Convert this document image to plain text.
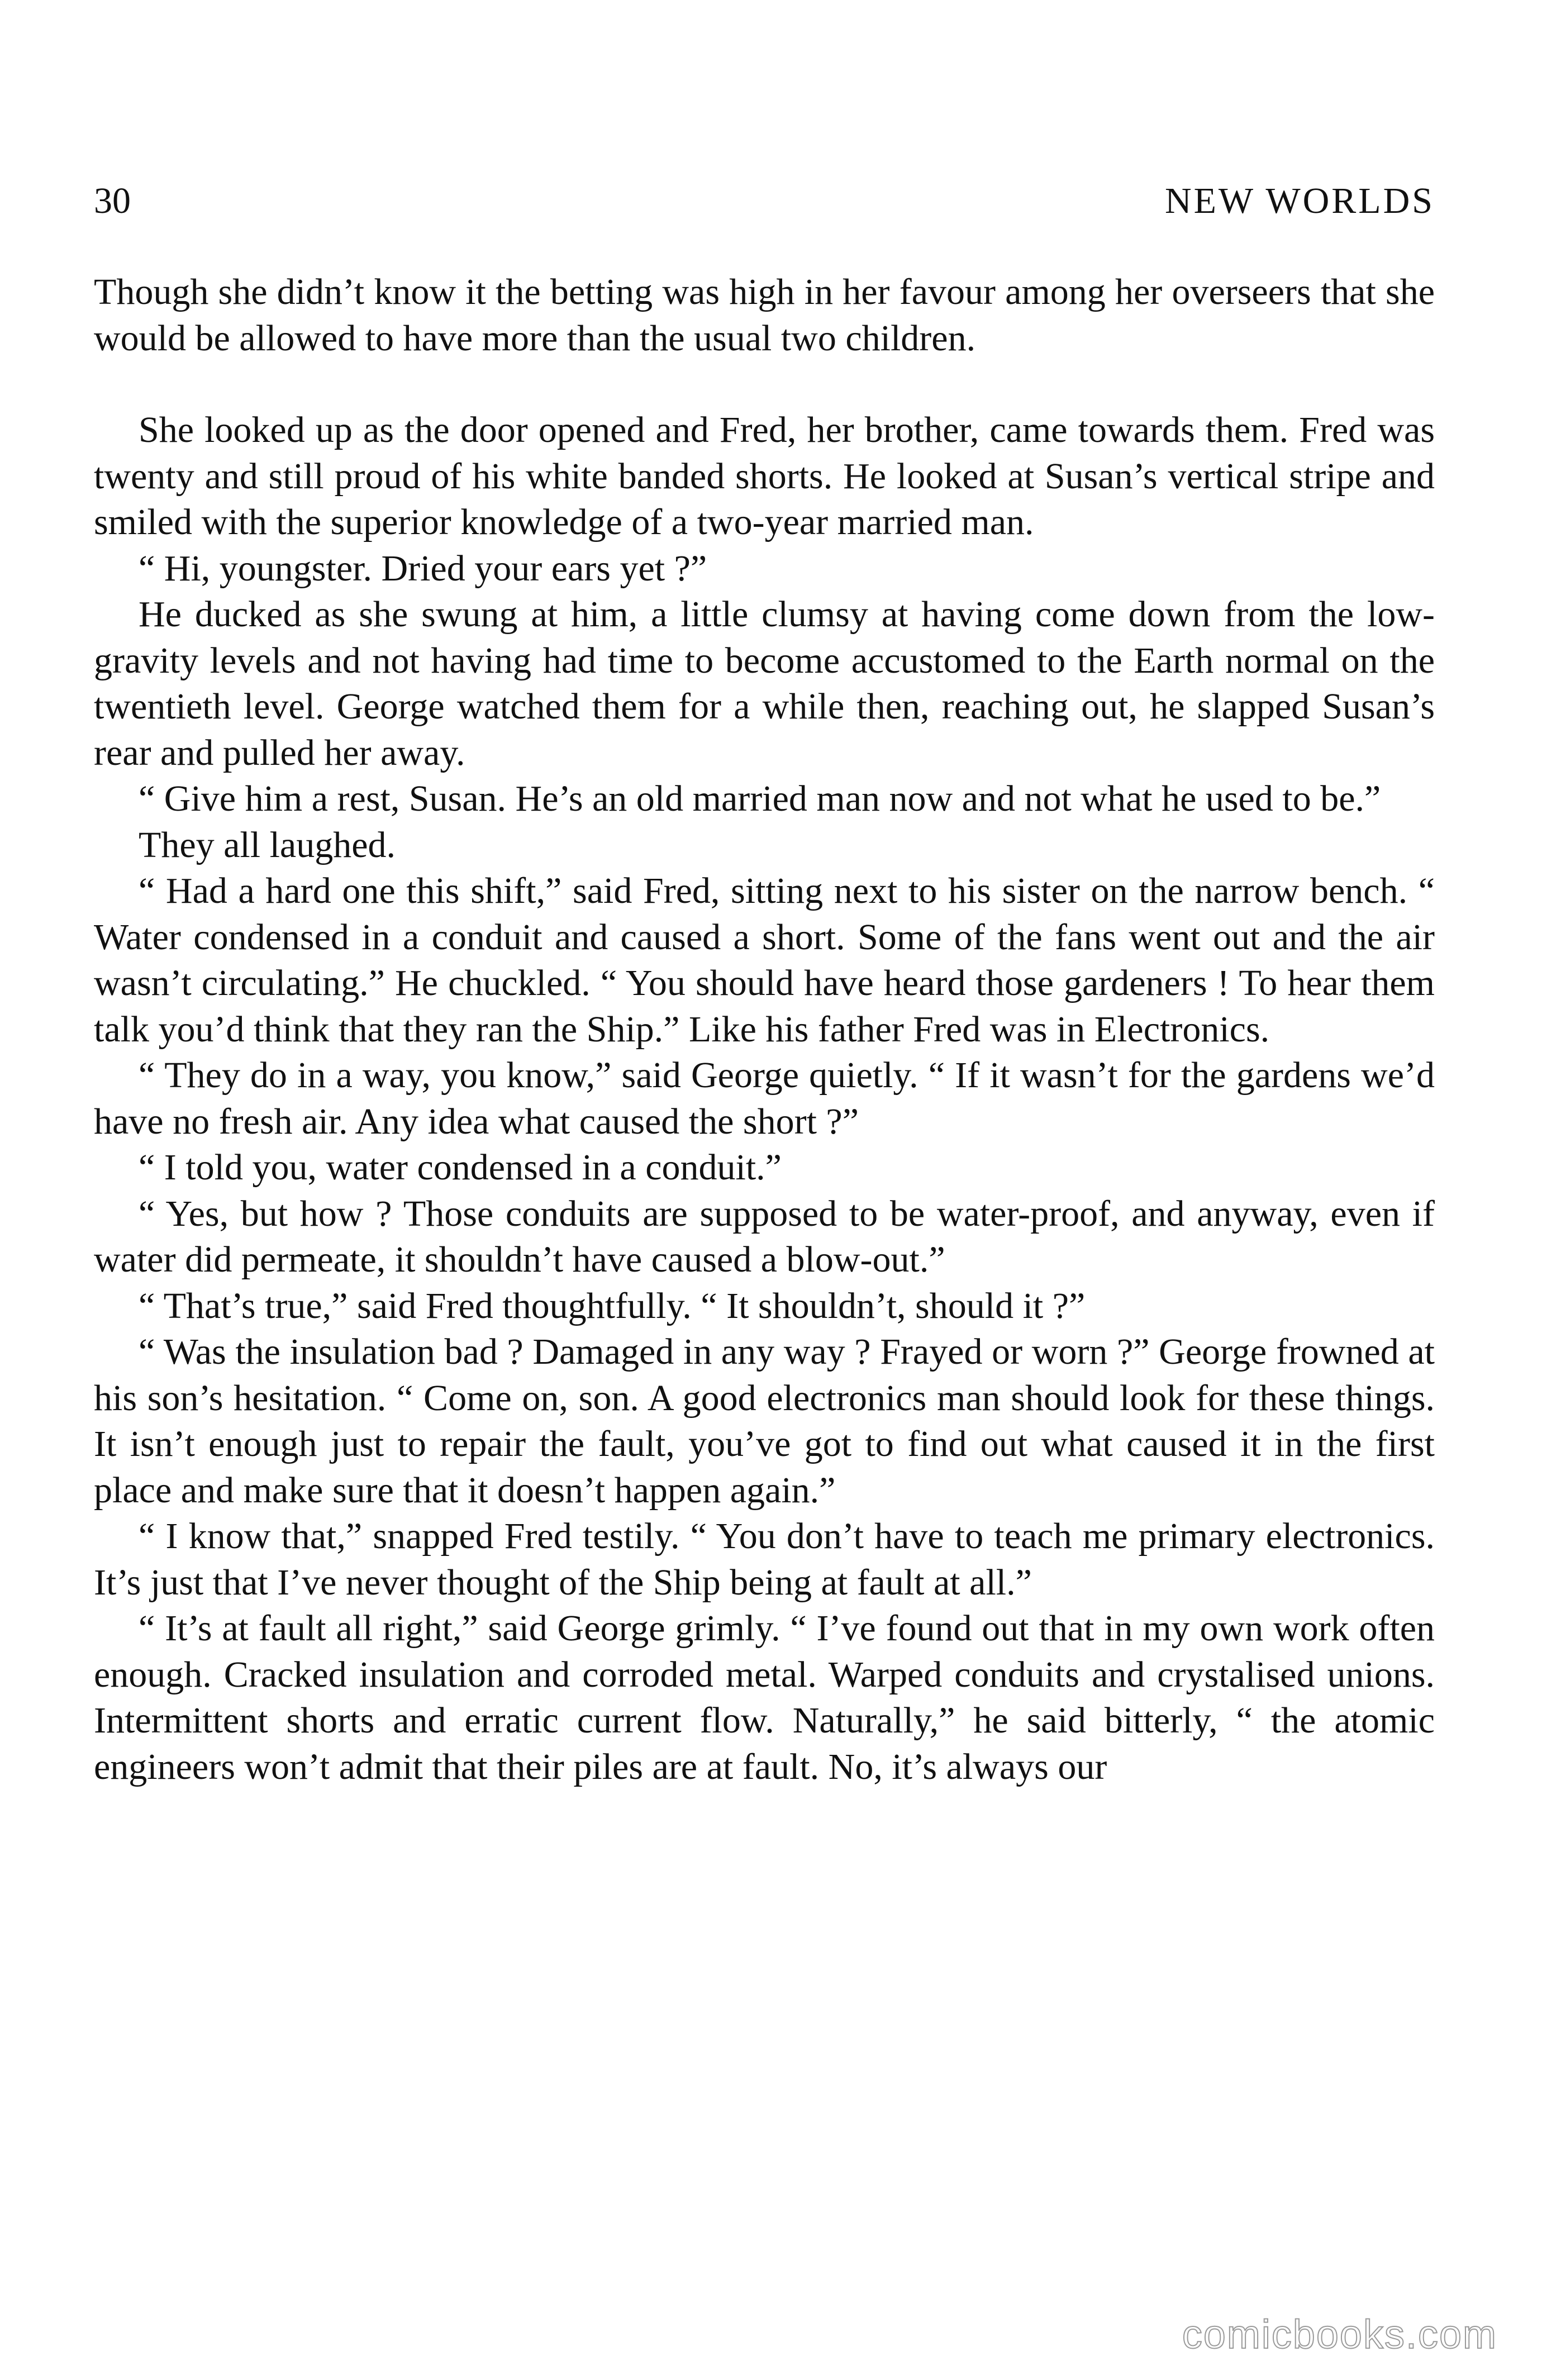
30	NEW WORLDS

Though she didn’t know it the betting was high in her favour among her overseers that she would be allowed to have more than the usual two children.

She looked up as the door opened and Fred, her brother, came towards them. Fred was twenty and still proud of his white banded shorts. He looked at Susan’s vertical stripe and smiled with the superior knowledge of a two-year married man.

“ Hi, youngster. Dried your ears yet ?”

He ducked as she swung at him, a little clumsy at having come down from the low-gravity levels and not having had time to become accustomed to the Earth normal on the twentieth level. George watched them for a while then, reaching out, he slapped Susan’s rear and pulled her away.

“ Give him a rest, Susan. He’s an old married man now and not what he used to be.”

They all laughed.

“ Had a hard one this shift,” said Fred, sitting next to his sister on the narrow bench. “ Water condensed in a conduit and caused a short. Some of the fans went out and the air wasn’t circulating.” He chuckled. “ You should have heard those gardeners ! To hear them talk you’d think that they ran the Ship.” Like his father Fred was in Electronics.

“ They do in a way, you know,” said George quietly. “ If it wasn’t for the gardens we’d have no fresh air. Any idea what caused the short ?”

“ I told you, water condensed in a conduit.”

“ Yes, but how ? Those conduits are supposed to be water-proof, and anyway, even if water did permeate, it shouldn’t have caused a blow-out.”

“ That’s true,” said Fred thoughtfully. “ It shouldn’t, should it ?”

“ Was the insulation bad ? Damaged in any way ? Frayed or worn ?” George frowned at his son’s hesitation. “ Come on, son. A good electronics man should look for these things. It isn’t enough just to repair the fault, you’ve got to find out what caused it in the first place and make sure that it doesn’t happen again.”

“ I know that,” snapped Fred testily. “ You don’t have to teach me primary electronics. It’s just that I’ve never thought of the Ship being at fault at all.”

“ It’s at fault all right,” said George grimly. “ I’ve found out that in my own work often enough. Cracked insulation and corroded metal. Warped conduits and crystalised unions. Intermittent shorts and erratic current flow. Naturally,” he said bitterly, “ the atomic engineers won’t admit that their piles are at fault. No, it’s always our

comicbooks.com
